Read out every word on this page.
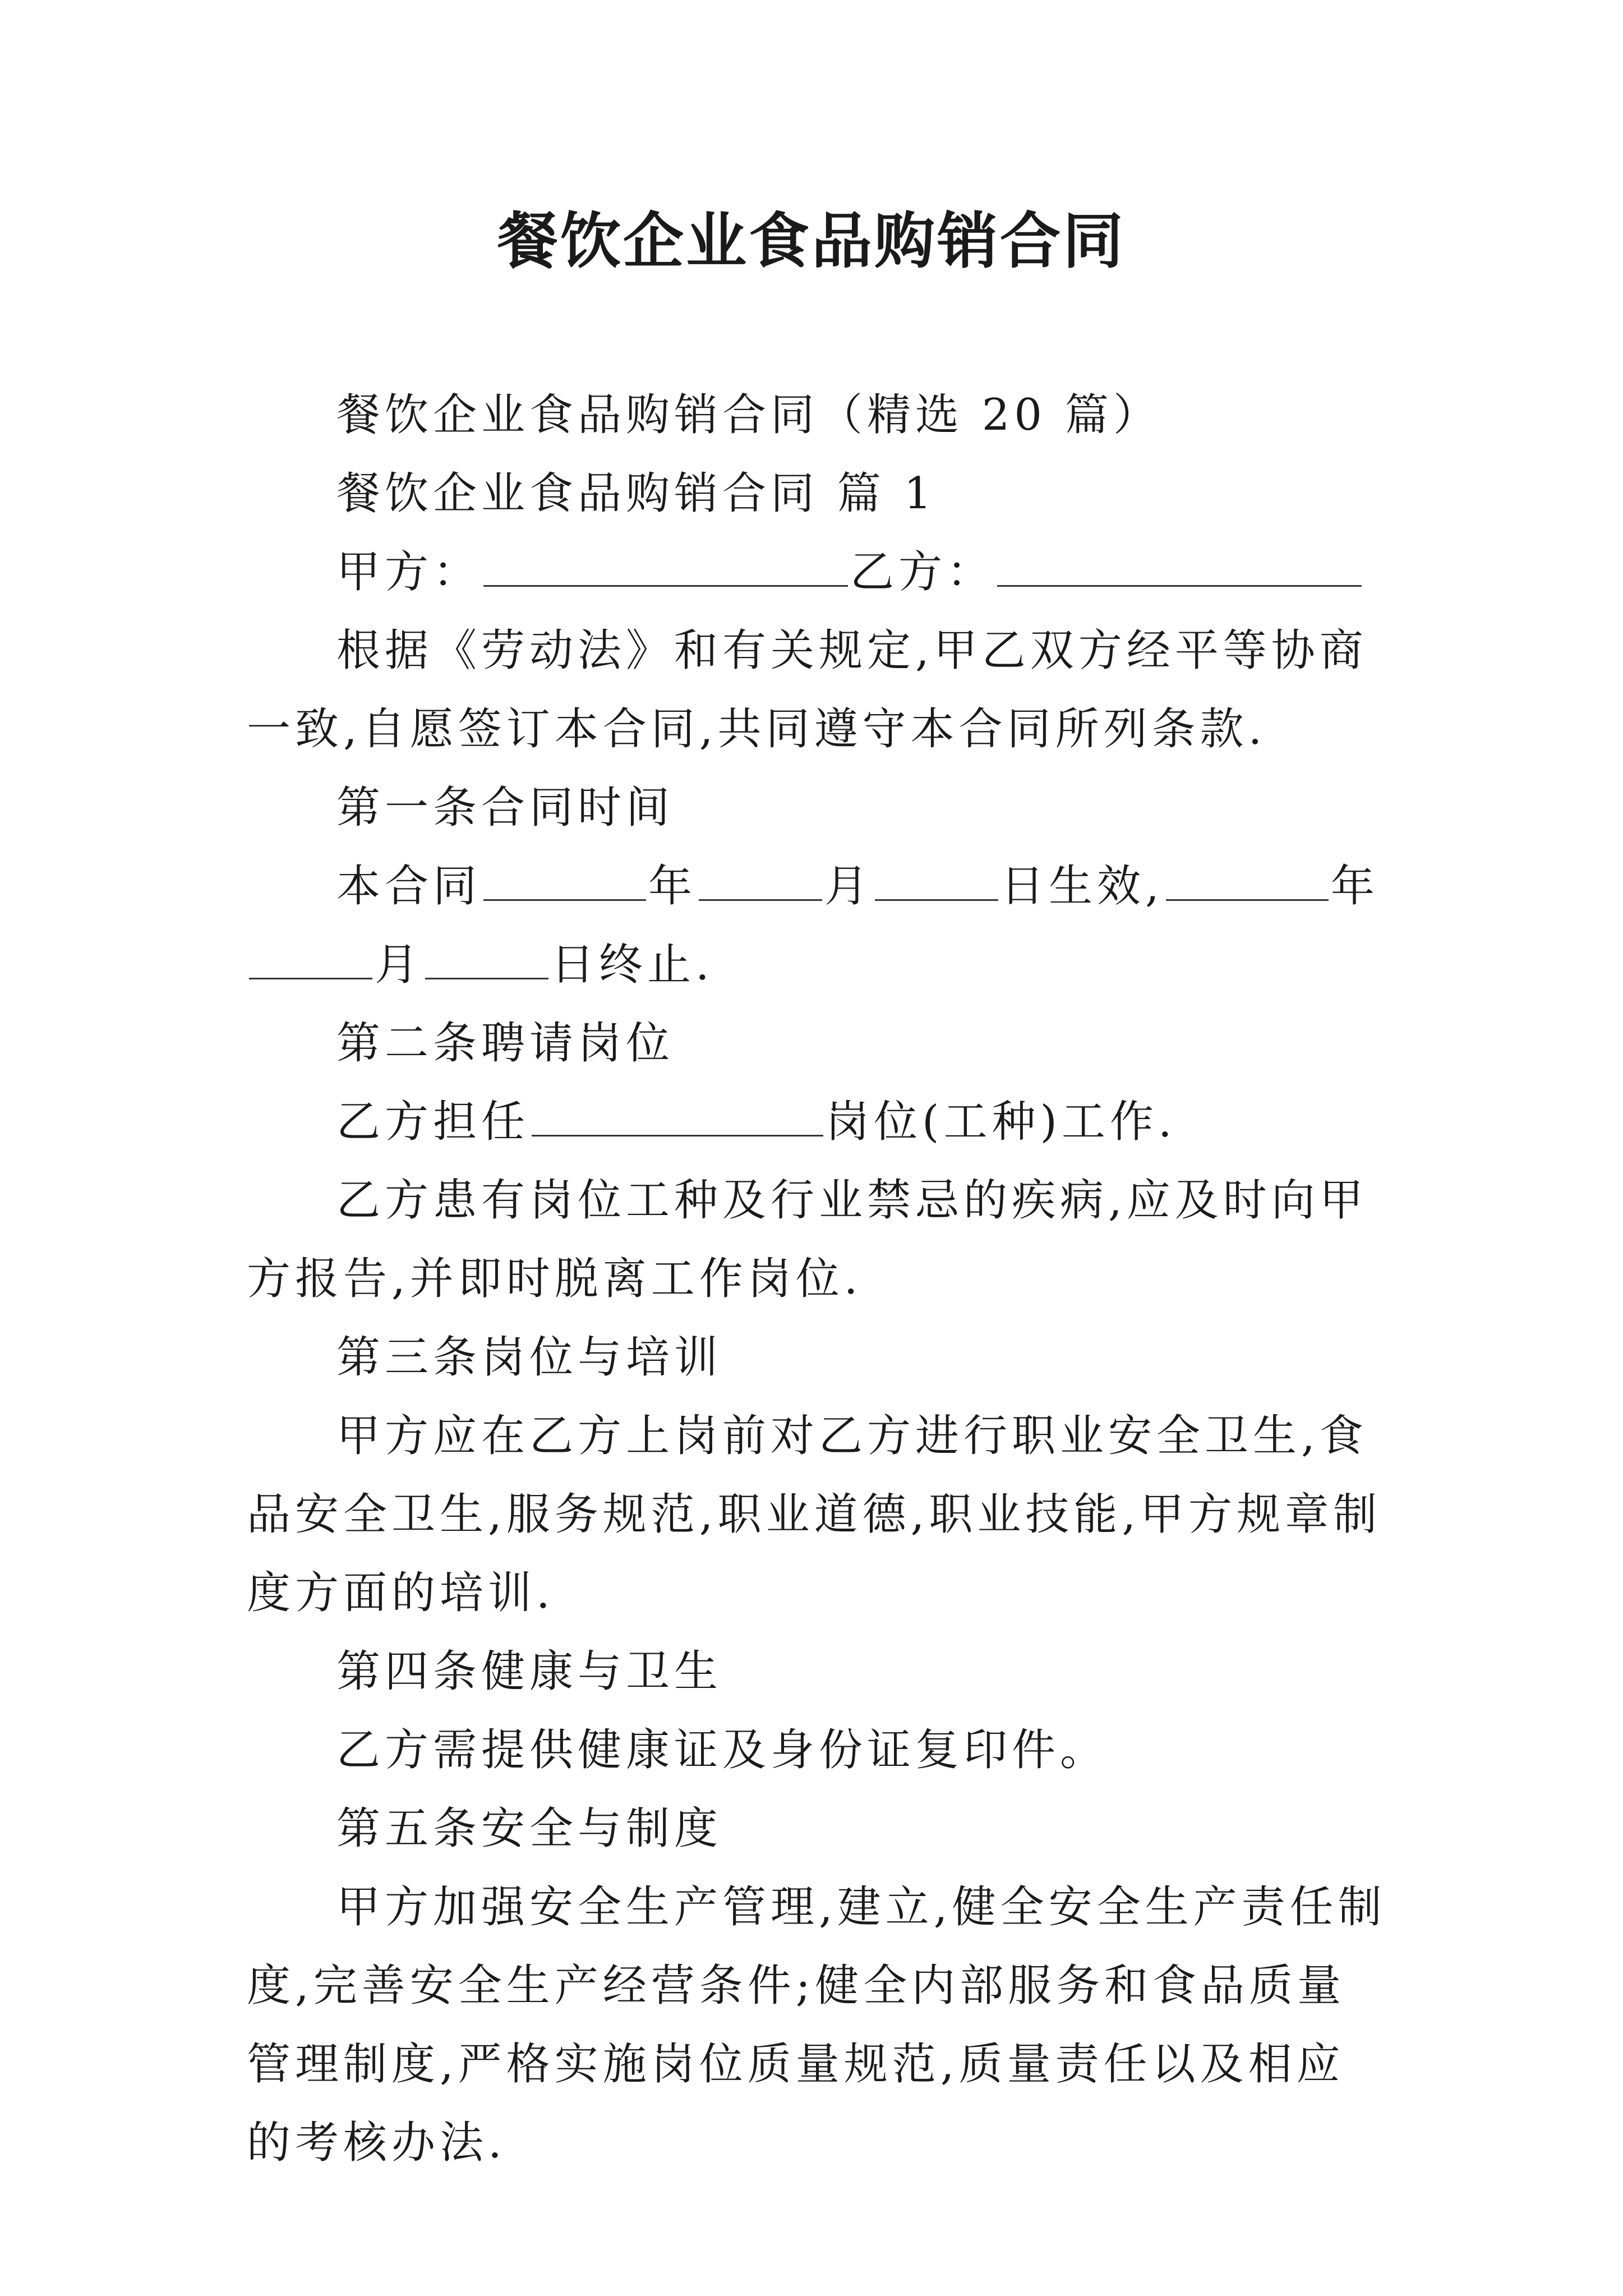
餐饮企业食品购销合同

餐饮企业食品购销合同（精选 20 篇）

餐饮企业食品购销合同 篇 1

甲方：	乙方：

根据《劳动法》和有关规定,甲乙双方经平等协商一致,自愿签订本合同,共同遵守本合同所列条款.

第一条合同时间

本合同	年	月	日生效,	年月	日终止.

第二条聘请岗位

乙方担任	岗位(工种)工作.

乙方患有岗位工种及行业禁忌的疾病,应及时向甲方报告,并即时脱离工作岗位.

第三条岗位与培训

甲方应在乙方上岗前对乙方进行职业安全卫生,食品安全卫生,服务规范,职业道德,职业技能,甲方规章制度方面的培训.

第四条健康与卫生

乙方需提供健康证及身份证复印件。

第五条安全与制度

甲方加强安全生产管理,建立,健全安全生产责任制度,完善安全生产经营条件;健全内部服务和食品质量管理制度,严格实施岗位质量规范,质量责任以及相应的考核办法.
